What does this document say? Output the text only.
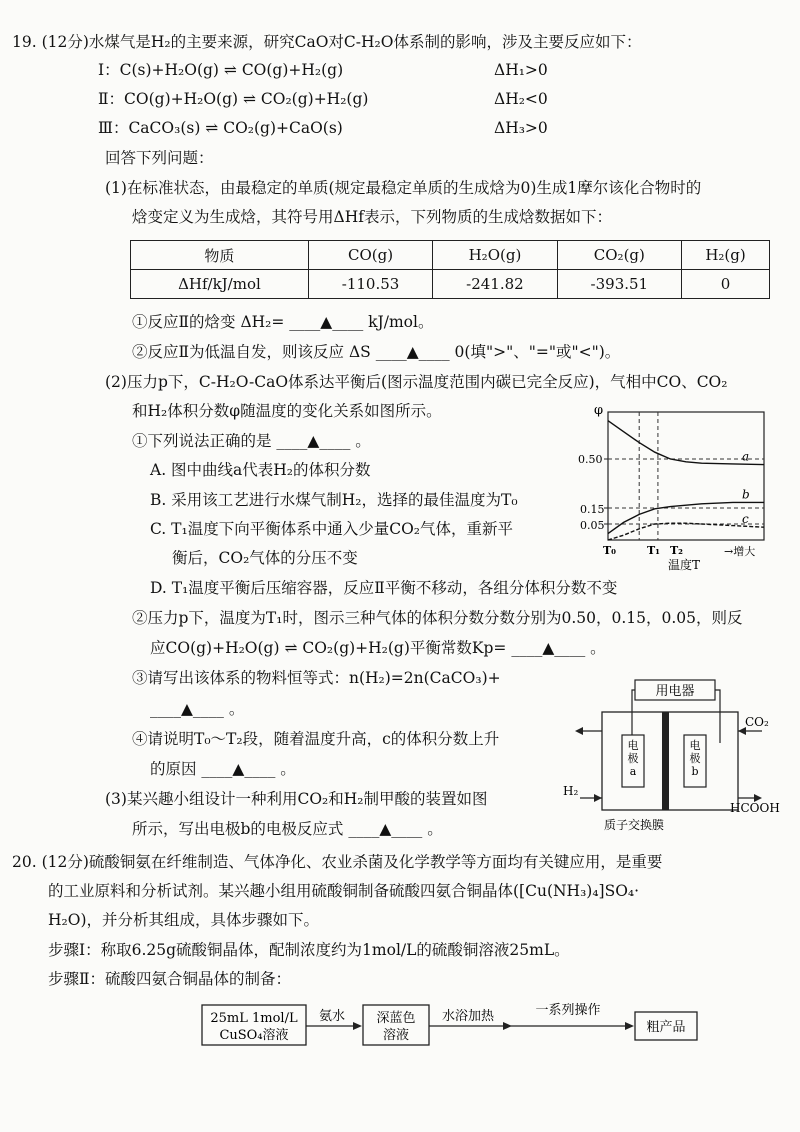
19. (12分)水煤气是H₂的主要来源，研究CaO对C-H₂O体系制的影响，涉及主要反应如下：
Ⅰ：C(s)+H₂O(g) ⇌ CO(g)+H₂(g)	ΔH₁>0
Ⅱ：CO(g)+H₂O(g) ⇌ CO₂(g)+H₂(g)	ΔH₂<0
Ⅲ：CaCO₃(s) ⇌ CO₂(g)+CaO(s)	ΔH₃>0
回答下列问题：
(1)在标准状态，由最稳定的单质(规定最稳定单质的生成焓为0)生成1摩尔该化合物时的
焓变定义为生成焓，其符号用ΔHf表示，下列物质的生成焓数据如下：
物质	CO(g)	H₂O(g)	CO₂(g)	H₂(g)
ΔHf/kJ/mol	-110.53	-241.82	-393.51	0
①反应Ⅱ的焓变 ΔH₂= ____▲____ kJ/mol。
②反应Ⅱ为低温自发，则该反应 ΔS ____▲____ 0(填">"、"="或"<")。
(2)压力p下，C-H₂O-CaO体系达平衡后(图示温度范围内碳已完全反应)，气相中CO、CO₂
和H₂体积分数φ随温度的变化关系如图所示。
①下列说法正确的是 ____▲____ 。
A. 图中曲线a代表H₂的体积分数
B. 采用该工艺进行水煤气制H₂，选择的最佳温度为T₀
C. T₁温度下向平衡体系中通入少量CO₂气体，重新平
衡后，CO₂气体的分压不变
D. T₁温度平衡后压缩容器，反应Ⅱ平衡不移动，各组分体积分数不变
②压力p下，温度为T₁时，图示三种气体的体积分数分数分别为0.50，0.15，0.05，则反
应CO(g)+H₂O(g) ⇌ CO₂(g)+H₂(g)平衡常数Kp= ____▲____ 。
③请写出该体系的物料恒等式：n(H₂)=2n(CaCO₃)+
____▲____ 。
④请说明T₀～T₂段，随着温度升高，c的体积分数上升
的原因 ____▲____ 。
(3)某兴趣小组设计一种利用CO₂和H₂制甲酸的装置如图
所示，写出电极b的电极反应式 ____▲____ 。
φ
温度T
→增大
T₀	T₁ T₂
0.50
0.15
0.05
a
b
c
用电器
电极 a
电极 b
CO₂
H₂
HCOOH
质子交换膜
20. (12分)硫酸铜氨在纤维制造、气体净化、农业杀菌及化学教学等方面均有关键应用，是重要
的工业原料和分析试剂。某兴趣小组用硫酸铜制备硫酸四氨合铜晶体([Cu(NH₃)₄]SO₄·
H₂O)，并分析其组成，具体步骤如下。
步骤Ⅰ：称取6.25g硫酸铜晶体，配制浓度约为1mol/L的硫酸铜溶液25mL。
步骤Ⅱ：硫酸四氨合铜晶体的制备：
25mL 1mol/L
CuSO₄溶液
氨水 深蓝色
溶液
水浴加热	一系列操作
粗产品
